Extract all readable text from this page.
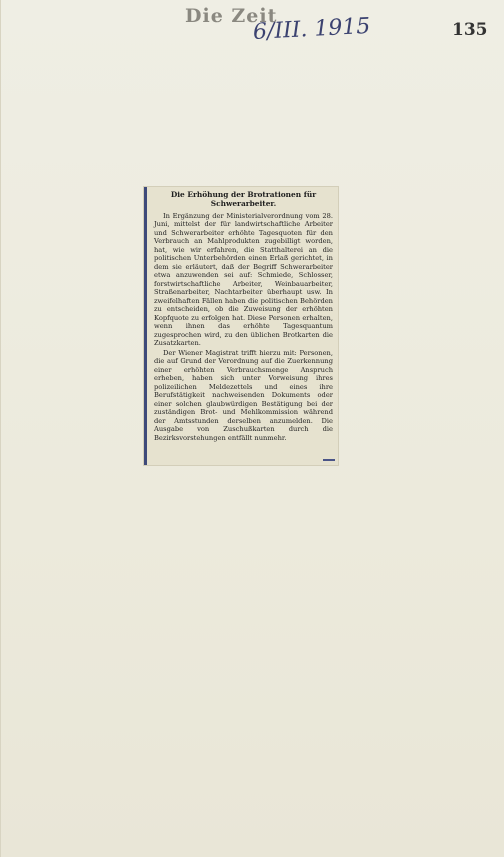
Die Zeit
6/III. 1915	135
Die Erhöhung der Brotrationen für Schwerarbeiter.

In Ergänzung der Ministerialverordnung vom 28. Juni, mittelst der für landwirtschaftliche Arbeiter und Schwerarbeiter erhöhte Tagesquoten für den Verbrauch an Mahlprodukten zugebilligt worden, hat, wie wir erfahren, die Statthalterei an die politischen Unterbehörden einen Erlaß gerichtet, in dem sie erläutert, daß der Begriff Schwerarbeiter etwa anzuwenden sei auf: Schmiede, Schlosser, forstwirtschaftliche Arbeiter, Weinbauarbeiter, Straßenarbeiter, Nachtarbeiter überhaupt usw. In zweifelhaften Fällen haben die politischen Behörden zu entscheiden, ob die Zuweisung der erhöhten Kopfquote zu erfolgen hat. Diese Personen erhalten, wenn ihnen das erhöhte Tagesquantum zugesprochen wird, zu den üblichen Brotkarten die Zusatzkarten.

Der Wiener Magistrat trifft hierzu mit: Personen, die auf Grund der Verordnung auf die Zuerkennung einer erhöhten Verbrauchsmenge Anspruch erheben, haben sich unter Vorweisung ihres polizeilichen Meldezettels und eines ihre Berufstätigkeit nachweisenden Dokuments oder einer solchen glaubwürdigen Bestätigung bei der zuständigen Brot- und Mehlkommission während der Amtsstunden derselben anzumelden. Die Ausgabe von Zuschußkarten durch die Bezirksvorstehungen entfällt nunmehr.
